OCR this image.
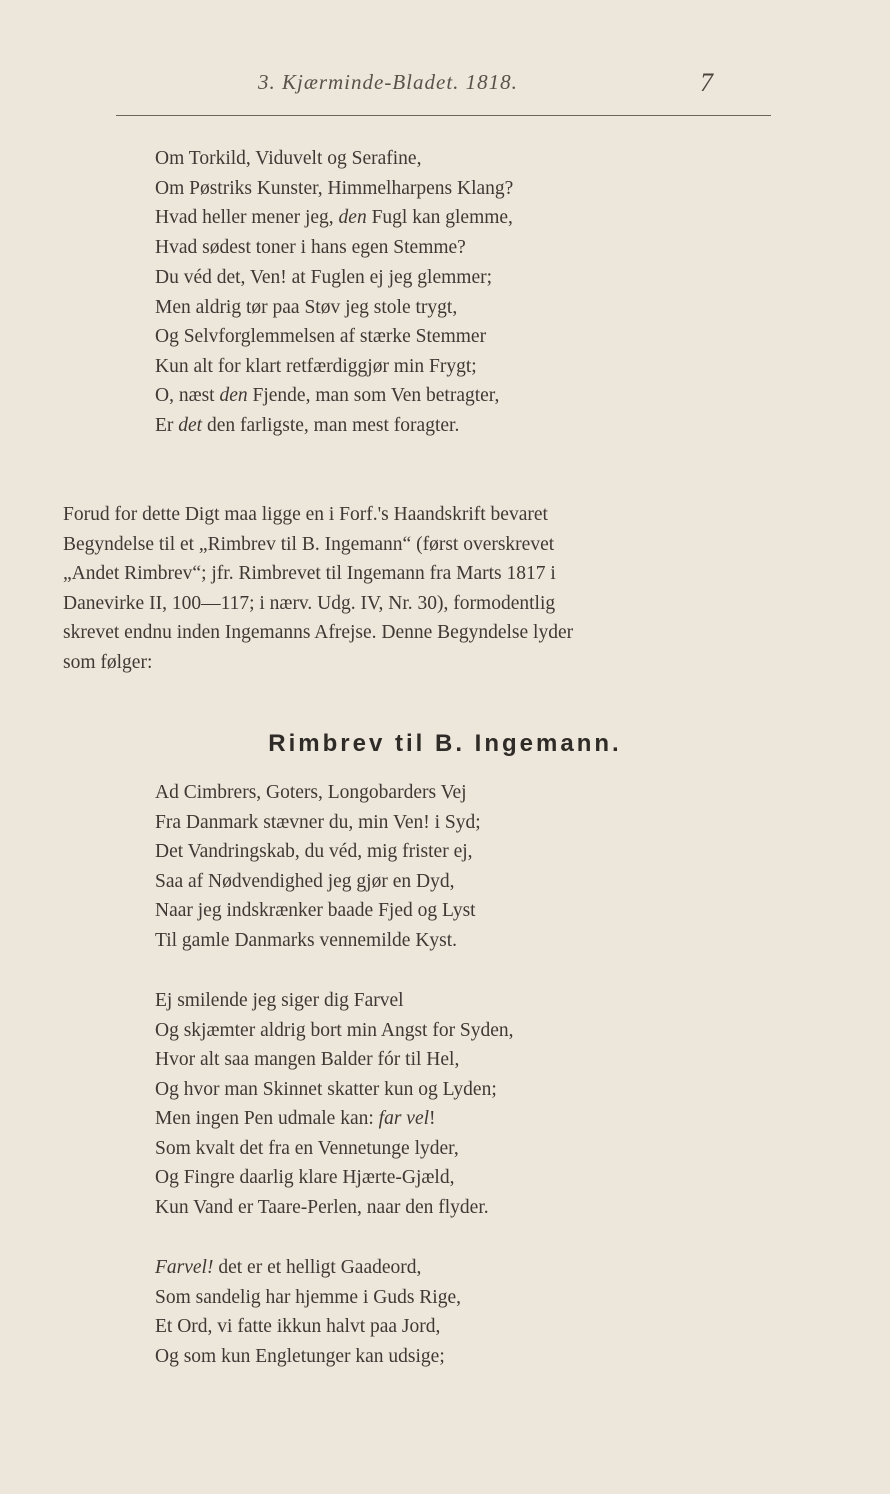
3. Kjærminde-Bladet. 1818.	7
Om Torkild, Viduvelt og Serafine,
Om Pøstriks Kunster, Himmelharpens Klang?
Hvad heller mener jeg, den Fugl kan glemme,
Hvad sødest toner i hans egen Stemme?
Du véd det, Ven! at Fuglen ej jeg glemmer;
Men aldrig tør paa Støv jeg stole trygt,
Og Selvforglemmelsen af stærke Stemmer
Kun alt for klart retfærdiggjør min Frygt;
O, næst den Fjende, man som Ven betragter,
Er det den farligste, man mest foragter.
Forud for dette Digt maa ligge en i Forf.'s Haandskrift bevaret
Begyndelse til et „Rimbrev til B. Ingemann“ (først overskrevet
„Andet Rimbrev“; jfr. Rimbrevet til Ingemann fra Marts 1817 i
Danevirke II, 100—117; i nærv. Udg. IV, Nr. 30), formodentlig
skrevet endnu inden Ingemanns Afrejse. Denne Begyndelse lyder
som følger:
Rimbrev til B. Ingemann.
Ad Cimbrers, Goters, Longobarders Vej
Fra Danmark stævner du, min Ven! i Syd;
Det Vandringskab, du véd, mig frister ej,
Saa af Nødvendighed jeg gjør en Dyd,
Naar jeg indskrænker baade Fjed og Lyst
Til gamle Danmarks vennemilde Kyst.
Ej smilende jeg siger dig Farvel
Og skjæmter aldrig bort min Angst for Syden,
Hvor alt saa mangen Balder fór til Hel,
Og hvor man Skinnet skatter kun og Lyden;
Men ingen Pen udmale kan: far vel!
Som kvalt det fra en Vennetunge lyder,
Og Fingre daarlig klare Hjærte-Gjæld,
Kun Vand er Taare-Perlen, naar den flyder.
Farvel! det er et helligt Gaadeord,
Som sandelig har hjemme i Guds Rige,
Et Ord, vi fatte ikkun halvt paa Jord,
Og som kun Engletunger kan udsige;
